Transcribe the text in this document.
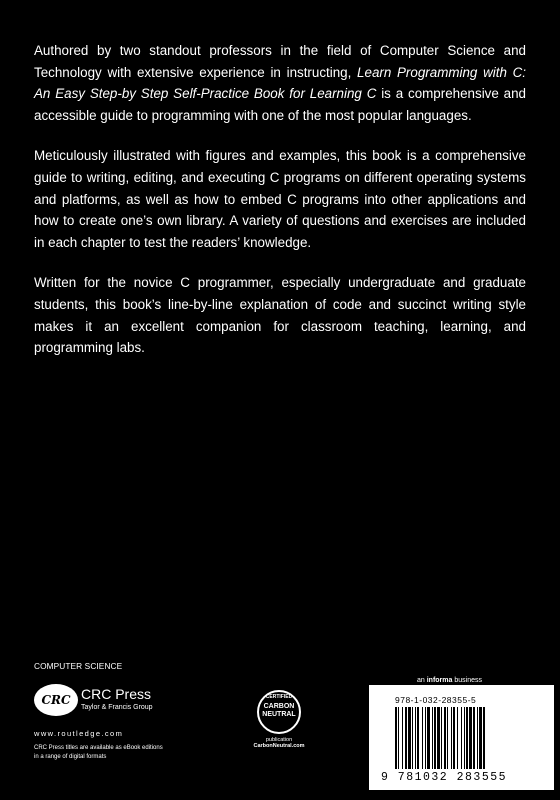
Authored by two standout professors in the field of Computer Science and Technology with extensive experience in instructing, Learn Programming with C: An Easy Step-by Step Self-Practice Book for Learning C is a comprehensive and accessible guide to programming with one of the most popular languages.

Meticulously illustrated with figures and examples, this book is a comprehensive guide to writing, editing, and executing C programs on different operating systems and platforms, as well as how to embed C programs into other applications and how to create one’s own library. A variety of questions and exercises are included in each chapter to test the readers’ knowledge.

Written for the novice C programmer, especially undergraduate and graduate students, this book’s line-by-line explanation of code and succinct writing style makes it an excellent companion for classroom teaching, learning, and programming labs.

COMPUTER SCIENCE
CRC CRC Press
Taylor & Francis Group
www.routledge.com
CRC Press titles are available as eBook editions in a range of digital formats
CERTIFIED
CARBON NEUTRAL
publication
CarbonNeutral.com
an informa business
978-1-032-28355-5
9 781032 283555
